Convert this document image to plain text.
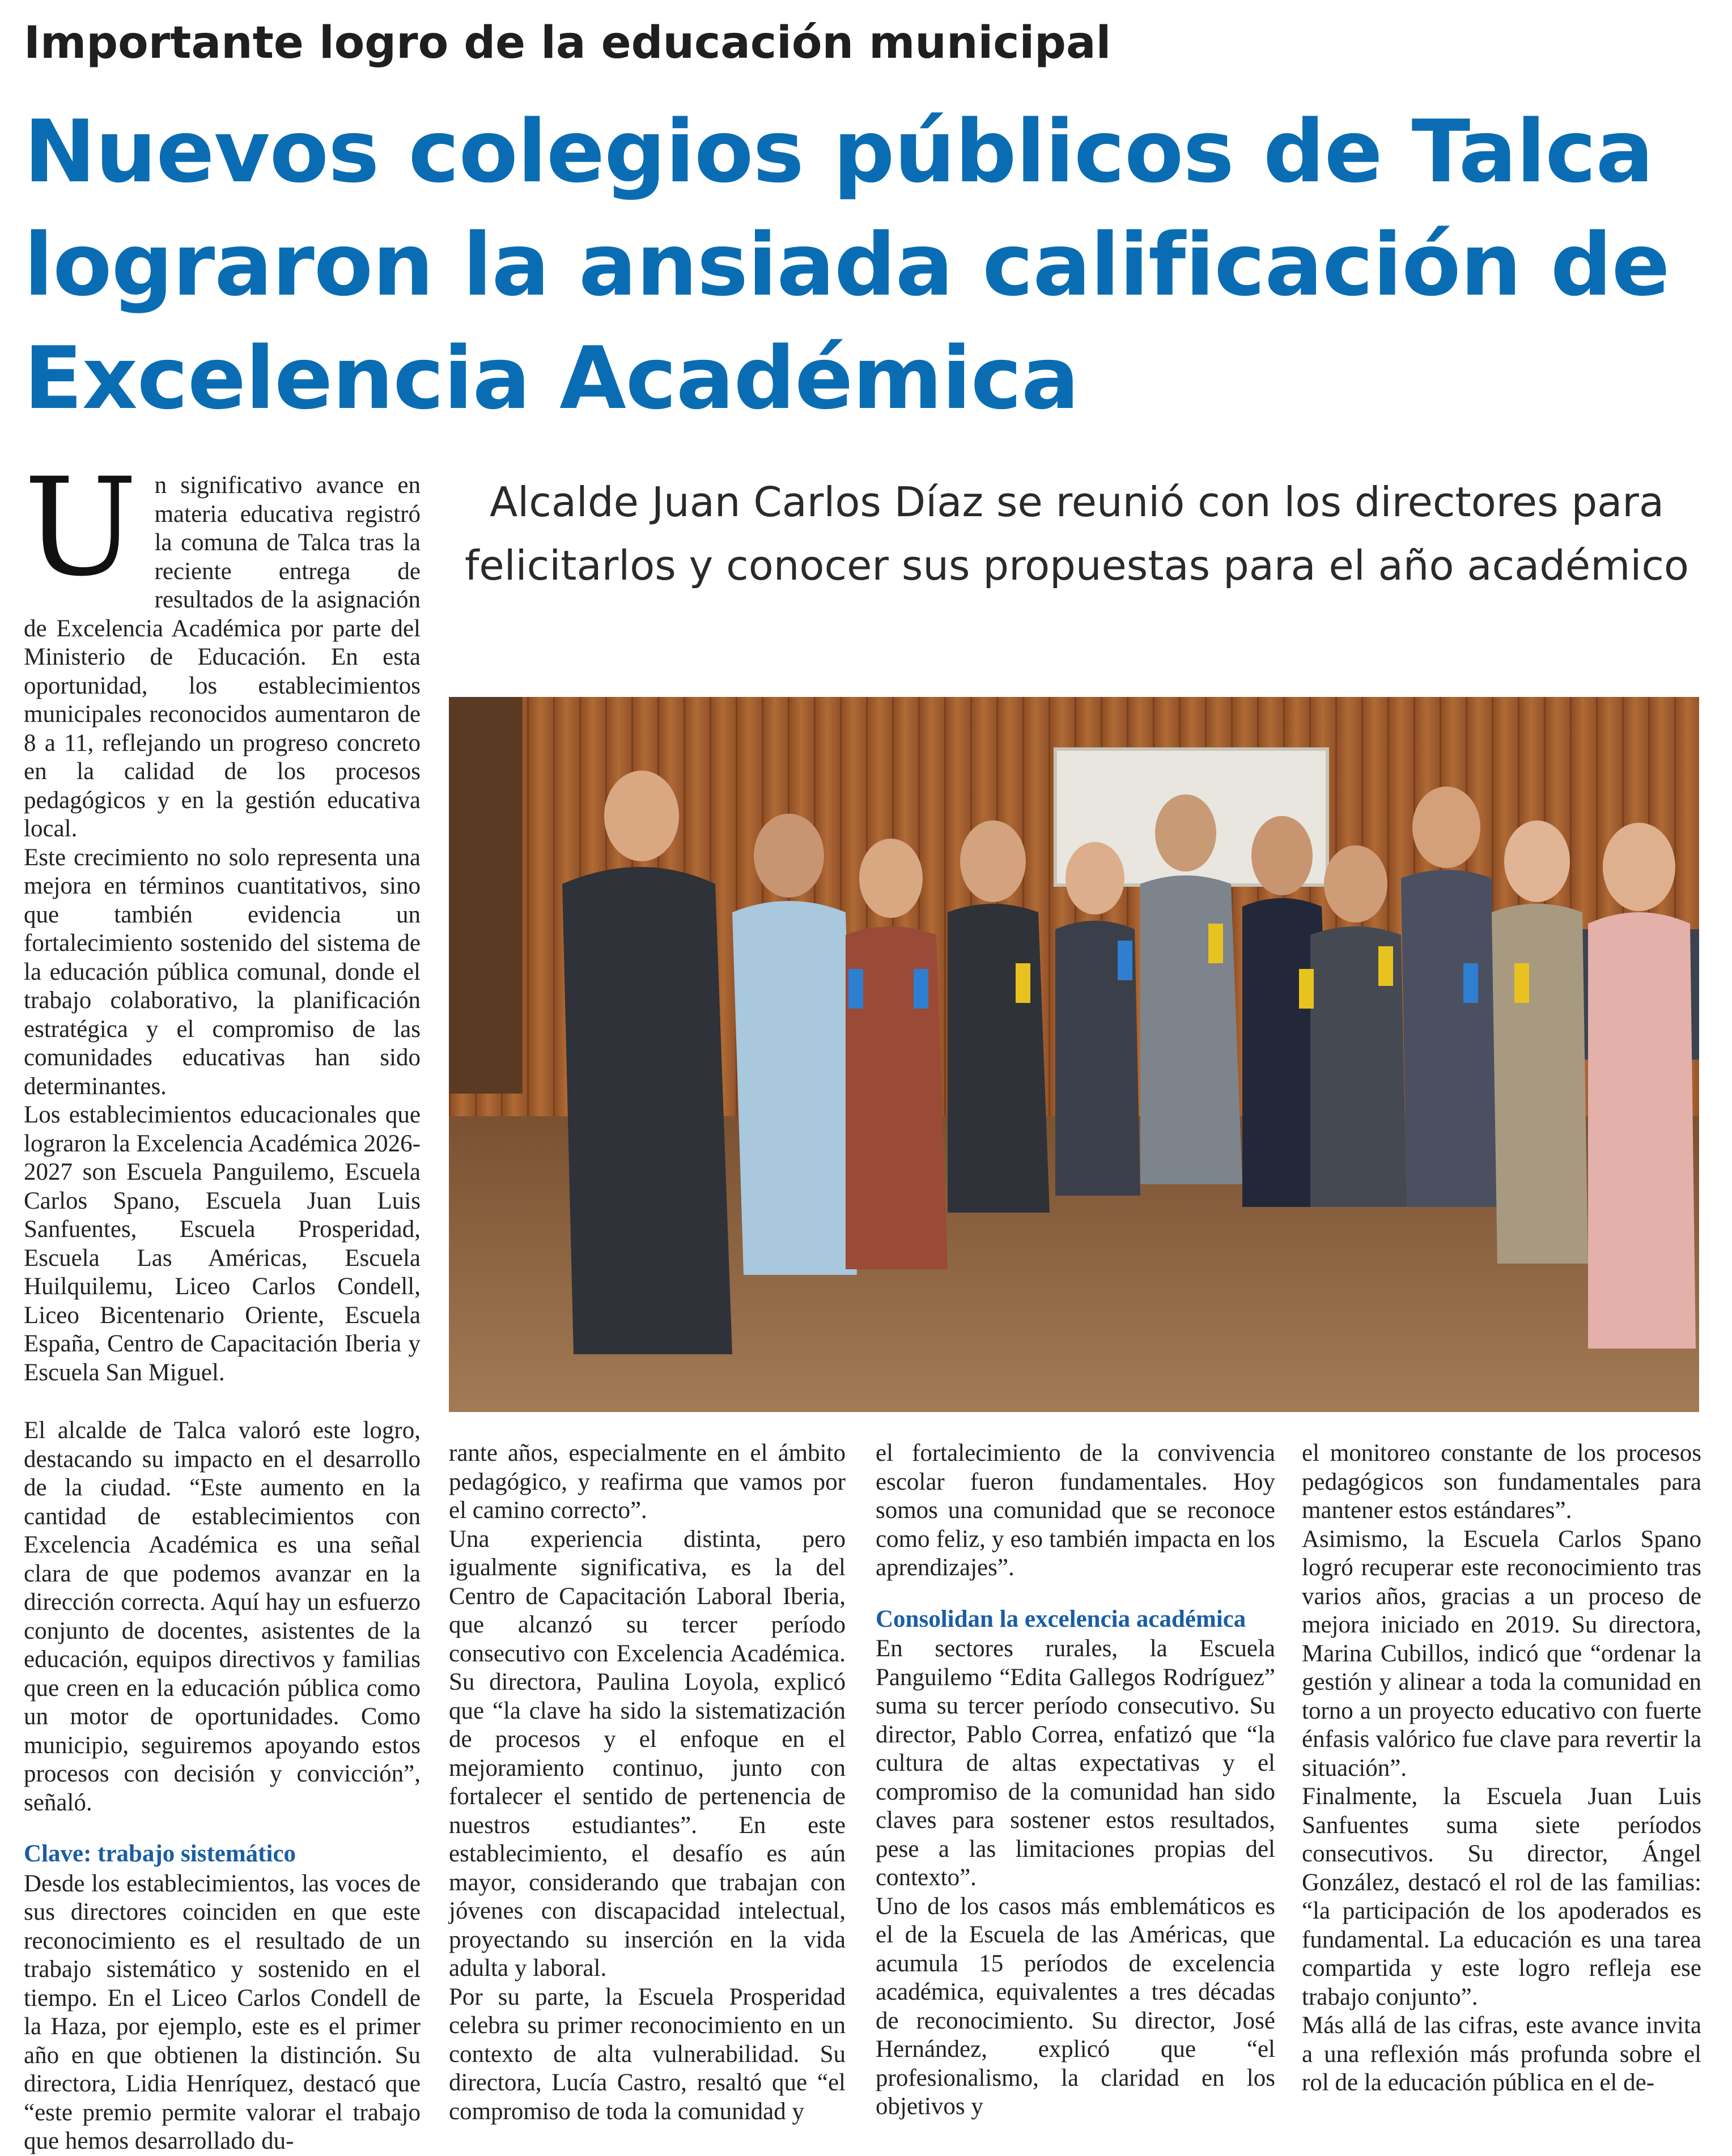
Importante logro de la educación municipal
Nuevos colegios públicos de Talca
lograron la ansiada calificación de
Excelencia Académica

Un significativo avance en materia educativa registró la comuna de Talca tras la reciente entrega de resultados de la asignación de Excelencia Académica por parte del Ministerio de Educación. En esta oportunidad, los establecimientos municipales reconocidos aumentaron de 8 a 11, reflejando un progreso concreto en la calidad de los procesos pedagógicos y en la gestión educativa local.

Este crecimiento no solo representa una mejora en términos cuantitativos, sino que también evidencia un fortalecimiento sostenido del sistema de la educación pública comunal, donde el trabajo colaborativo, la planificación estratégica y el compromiso de las comunidades educativas han sido determinantes.

Los establecimientos educacionales que lograron la Excelencia Académica 2026-2027 son Escuela Panguilemo, Escuela Carlos Spano, Escuela Juan Luis Sanfuentes, Escuela Prosperidad, Escuela Las Américas, Escuela Huilquilemu, Liceo Carlos Condell, Liceo Bicentenario Oriente, Escuela España, Centro de Capacitación Iberia y Escuela San Miguel.

Alcalde Juan Carlos Díaz se reunió con los directores para felicitarlos y conocer sus propuestas para el año académico

El alcalde de Talca valoró este logro, destacando su impacto en el desarrollo de la ciudad. “Este aumento en la cantidad de establecimientos con Excelencia Académica es una señal clara de que podemos avanzar en la dirección correcta. Aquí hay un esfuerzo conjunto de docentes, asistentes de la educación, equipos directivos y familias que creen en la educación pública como un motor de oportunidades. Como municipio, seguiremos apoyando estos procesos con decisión y convicción”, señaló.

Clave: trabajo sistemático

Desde los establecimientos, las voces de sus directores coinciden en que este reconocimiento es el resultado de un trabajo sistemático y sostenido en el tiempo. En el Liceo Carlos Condell de la Haza, por ejemplo, este es el primer año en que obtienen la distinción. Su directora, Lidia Henríquez, destacó que “este premio permite valorar el trabajo que hemos desarrollado du-

rante años, especialmente en el ámbito pedagógico, y reafirma que vamos por el camino correcto”.

Una experiencia distinta, pero igualmente significativa, es la del Centro de Capacitación Laboral Iberia, que alcanzó su tercer período consecutivo con Excelencia Académica. Su directora, Paulina Loyola, explicó que “la clave ha sido la sistematización de procesos y el enfoque en el mejoramiento continuo, junto con fortalecer el sentido de pertenencia de nuestros estudiantes”. En este establecimiento, el desafío es aún mayor, considerando que trabajan con jóvenes con discapacidad intelectual, proyectando su inserción en la vida adulta y laboral.

Por su parte, la Escuela Prosperidad celebra su primer reconocimiento en un contexto de alta vulnerabilidad. Su directora, Lucía Castro, resaltó que “el compromiso de toda la comunidad y

el fortalecimiento de la convivencia escolar fueron fundamentales. Hoy somos una comunidad que se reconoce como feliz, y eso también impacta en los aprendizajes”.

Consolidan la excelencia académica

En sectores rurales, la Escuela Panguilemo “Edita Gallegos Rodríguez” suma su tercer período consecutivo. Su director, Pablo Correa, enfatizó que “la cultura de altas expectativas y el compromiso de la comunidad han sido claves para sostener estos resultados, pese a las limitaciones propias del contexto”.

Uno de los casos más emblemáticos es el de la Escuela de las Américas, que acumula 15 períodos de excelencia académica, equivalentes a tres décadas de reconocimiento. Su director, José Hernández, explicó que “el profesionalismo, la claridad en los objetivos y

el monitoreo constante de los procesos pedagógicos son fundamentales para mantener estos estándares”.

Asimismo, la Escuela Carlos Spano logró recuperar este reconocimiento tras varios años, gracias a un proceso de mejora iniciado en 2019. Su directora, Marina Cubillos, indicó que “ordenar la gestión y alinear a toda la comunidad en torno a un proyecto educativo con fuerte énfasis valórico fue clave para revertir la situación”.

Finalmente, la Escuela Juan Luis Sanfuentes suma siete períodos consecutivos. Su director, Ángel González, destacó el rol de las familias: “la participación de los apoderados es fundamental. La educación es una tarea compartida y este logro refleja ese trabajo conjunto”.

Más allá de las cifras, este avance invita a una reflexión más profunda sobre el rol de la educación pública en el de-
